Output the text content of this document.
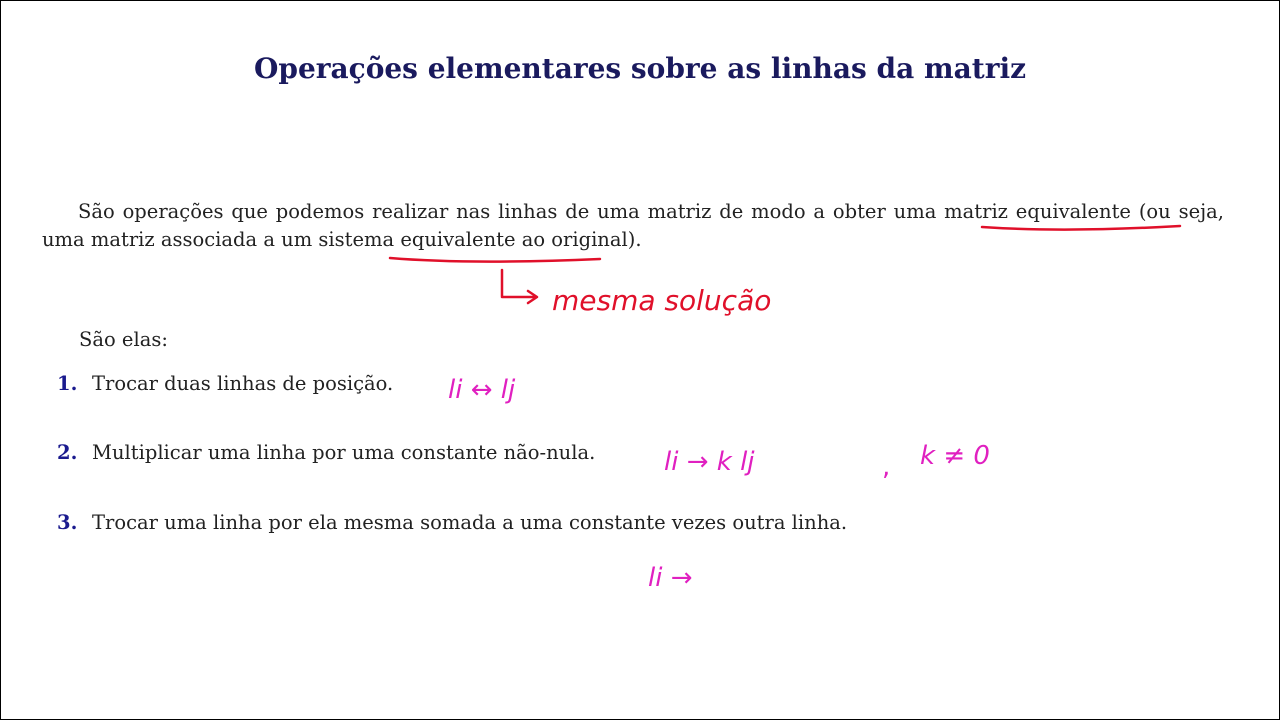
Operações elementares sobre as linhas da matriz
São operações que podemos realizar nas linhas de uma matriz de modo a obter uma matriz equivalente (ou seja, uma matriz associada a um sistema equivalente ao original).
São elas:
1. Trocar duas linhas de posição.
2. Multiplicar uma linha por uma constante não-nula.
3. Trocar uma linha por ela mesma somada a uma constante vezes outra linha.
mesma solução
li ↔ lj
li → k lj	, k ≠ 0
li →
